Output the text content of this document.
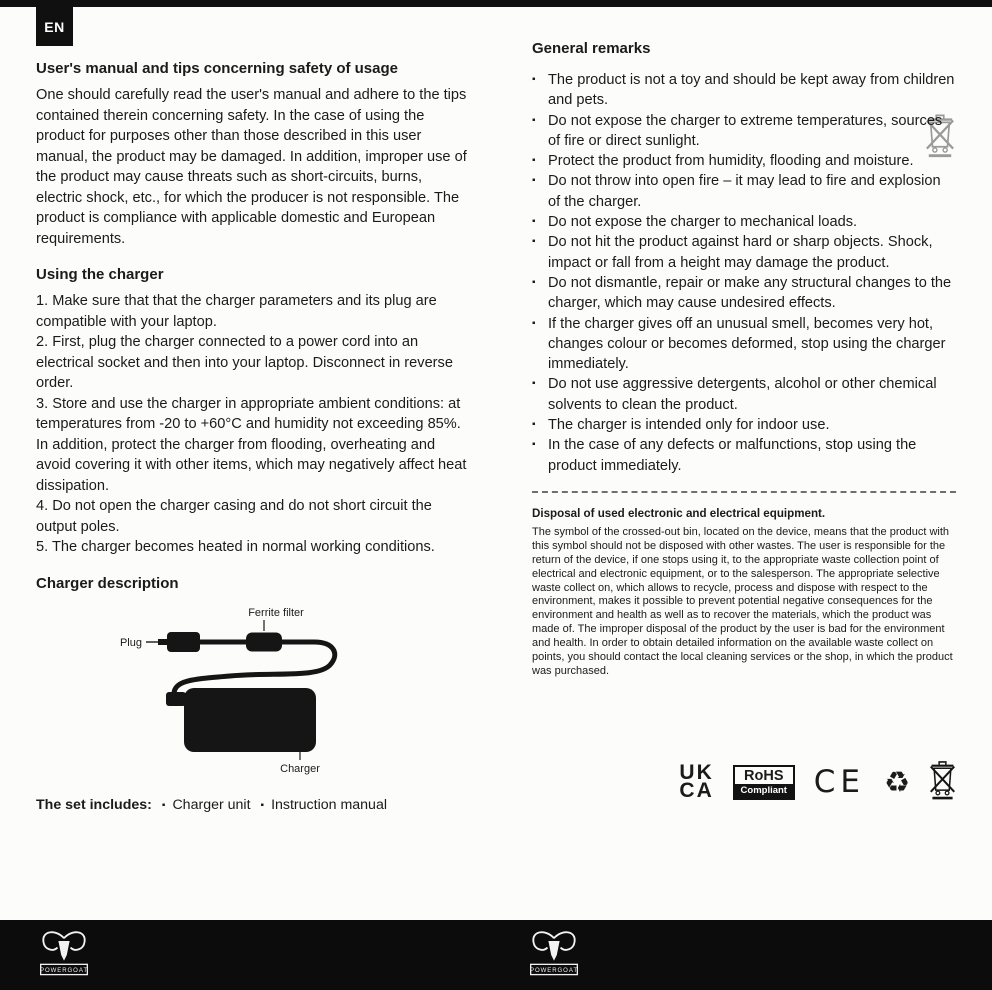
EN
User's manual and tips concerning safety of usage

One should carefully read the user's manual and adhere to the tips contained therein concerning safety. In the case of using the product for purposes other than those described in this user manual, the product may be damaged. In addition, improper use of the product may cause threats such as short-circuits, burns, electric shock, etc., for which the producer is not responsible. The product is compliance with applicable domestic and European requirements.

Using the charger

1. Make sure that that the charger parameters and its plug are compatible with your laptop.

2. First, plug the charger connected to a power cord into an electrical socket and then into your laptop. Disconnect in reverse order.

3. Store and use the charger in appropriate ambient conditions: at temperatures from -20 to +60°C and humidity not exceeding 85%. In addition, protect the charger from flooding, overheating and avoid covering it with other items, which may negatively affect heat dissipation.

4. Do not open the charger casing and do not short circuit the output poles.

5. The charger becomes heated in normal working conditions.

Charger description
Ferrite filter
Plug
Charger

The set includes: ▪ Charger unit ▪ Instruction manual

General remarks
▪ The product is not a toy and should be kept away from children and pets.
▪ Do not expose the charger to extreme temperatures, sources of fire or direct sunlight.
▪ Protect the product from humidity, flooding and moisture.
▪ Do not throw into open fire – it may lead to fire and explosion of the charger.
▪ Do not expose the charger to mechanical loads.
▪ Do not hit the product against hard or sharp objects. Shock, impact or fall from a height may damage the product.
▪ Do not dismantle, repair or make any structural changes to the charger, which may cause undesired effects.
▪ If the charger gives off an unusual smell, becomes very hot, changes colour or becomes deformed, stop using the charger immediately.
▪ Do not use aggressive detergents, alcohol or other chemical solvents to clean the product.
▪ The charger is intended only for indoor use.
▪ In the case of any defects or malfunctions, stop using the product immediately.
Disposal of used electronic and electrical equipment.

The symbol of the crossed-out bin, located on the device, means that the product with this symbol should not be disposed with other wastes. The user is responsible for the return of the device, if one stops using it, to the appropriate waste collection point of electrical and electronic equipment, or to the salesperson. The appropriate selective waste collect on, which allows to recycle, process and dispose with respect to the environment, makes it possible to prevent potential negative consequences for the environment and health as well as to recover the materials, which the product was made of. The improper disposal of the product by the user is bad for the environment and health. In order to obtain detailed information on the available waste collect on points, you should contact the local cleaning services or the shop, in which the product was purchased.

UK
CA
RoHS
Compliant CE ♻
POWERGOAT	POWERGOAT
